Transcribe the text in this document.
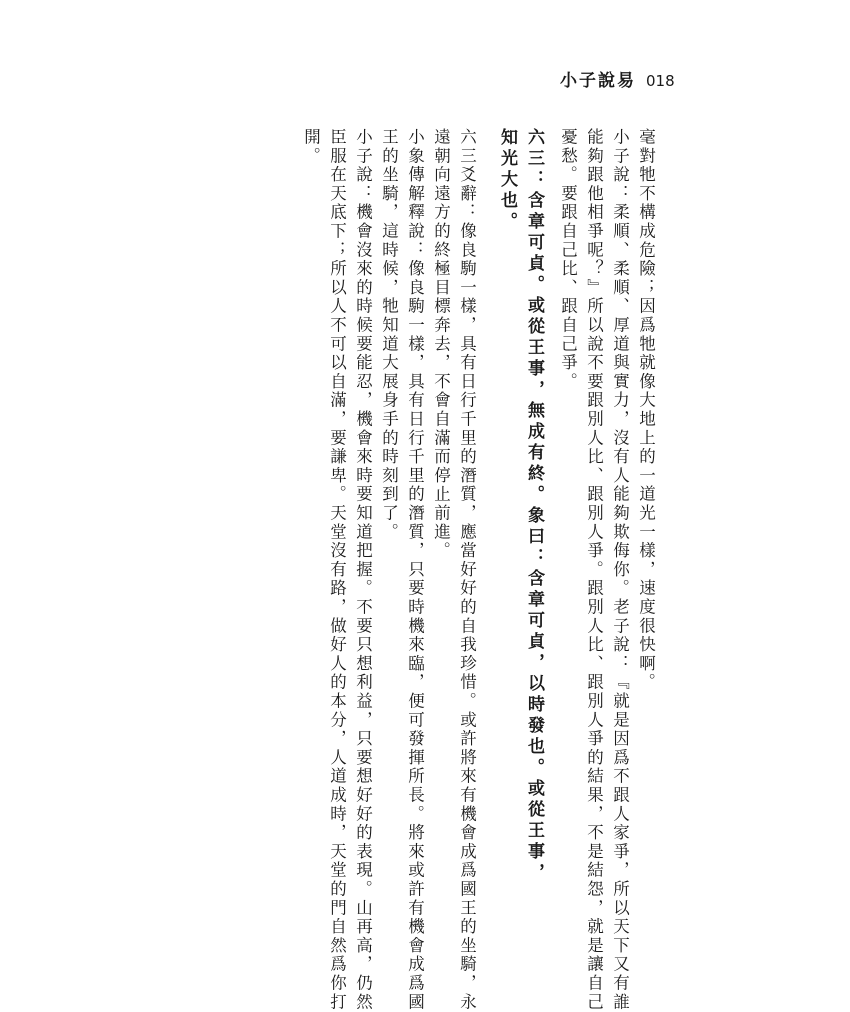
小子說易 018
毫對牠不構成危險；因爲牠就像大地上的一道光一樣，速度很快啊。
小子說：柔順、柔順、厚道與實力，沒有人能夠欺侮你。老子說：『就是因爲不跟人家爭，所以天下又有誰
能夠跟他相爭呢？』所以說不要跟別人比、跟別人爭。跟別人比、跟別人爭的結果，不是結怨，就是讓自己
憂愁。要跟自己比、跟自己爭。
六三：含章可貞。或從王事，無成有終。象曰：含章可貞，以時發也。或從王事，
知光大也。
六三爻辭：像良駒一樣，具有日行千里的潛質，應當好好的自我珍惜。或許將來有機會成爲國王的坐騎，永
遠朝向遠方的終極目標奔去，不會自滿而停止前進。
小象傳解釋說：像良駒一樣，具有日行千里的潛質，只要時機來臨，便可發揮所長。將來或許有機會成爲國
王的坐騎，這時候，牠知道大展身手的時刻到了。
小子說：機會沒來的時候要能忍，機會來時要知道把握。不要只想利益，只要想好好的表現。山再高，仍然
臣服在天底下；所以人不可以自滿，要謙卑。天堂沒有路，做好人的本分，人道成時，天堂的門自然爲你打
開。
